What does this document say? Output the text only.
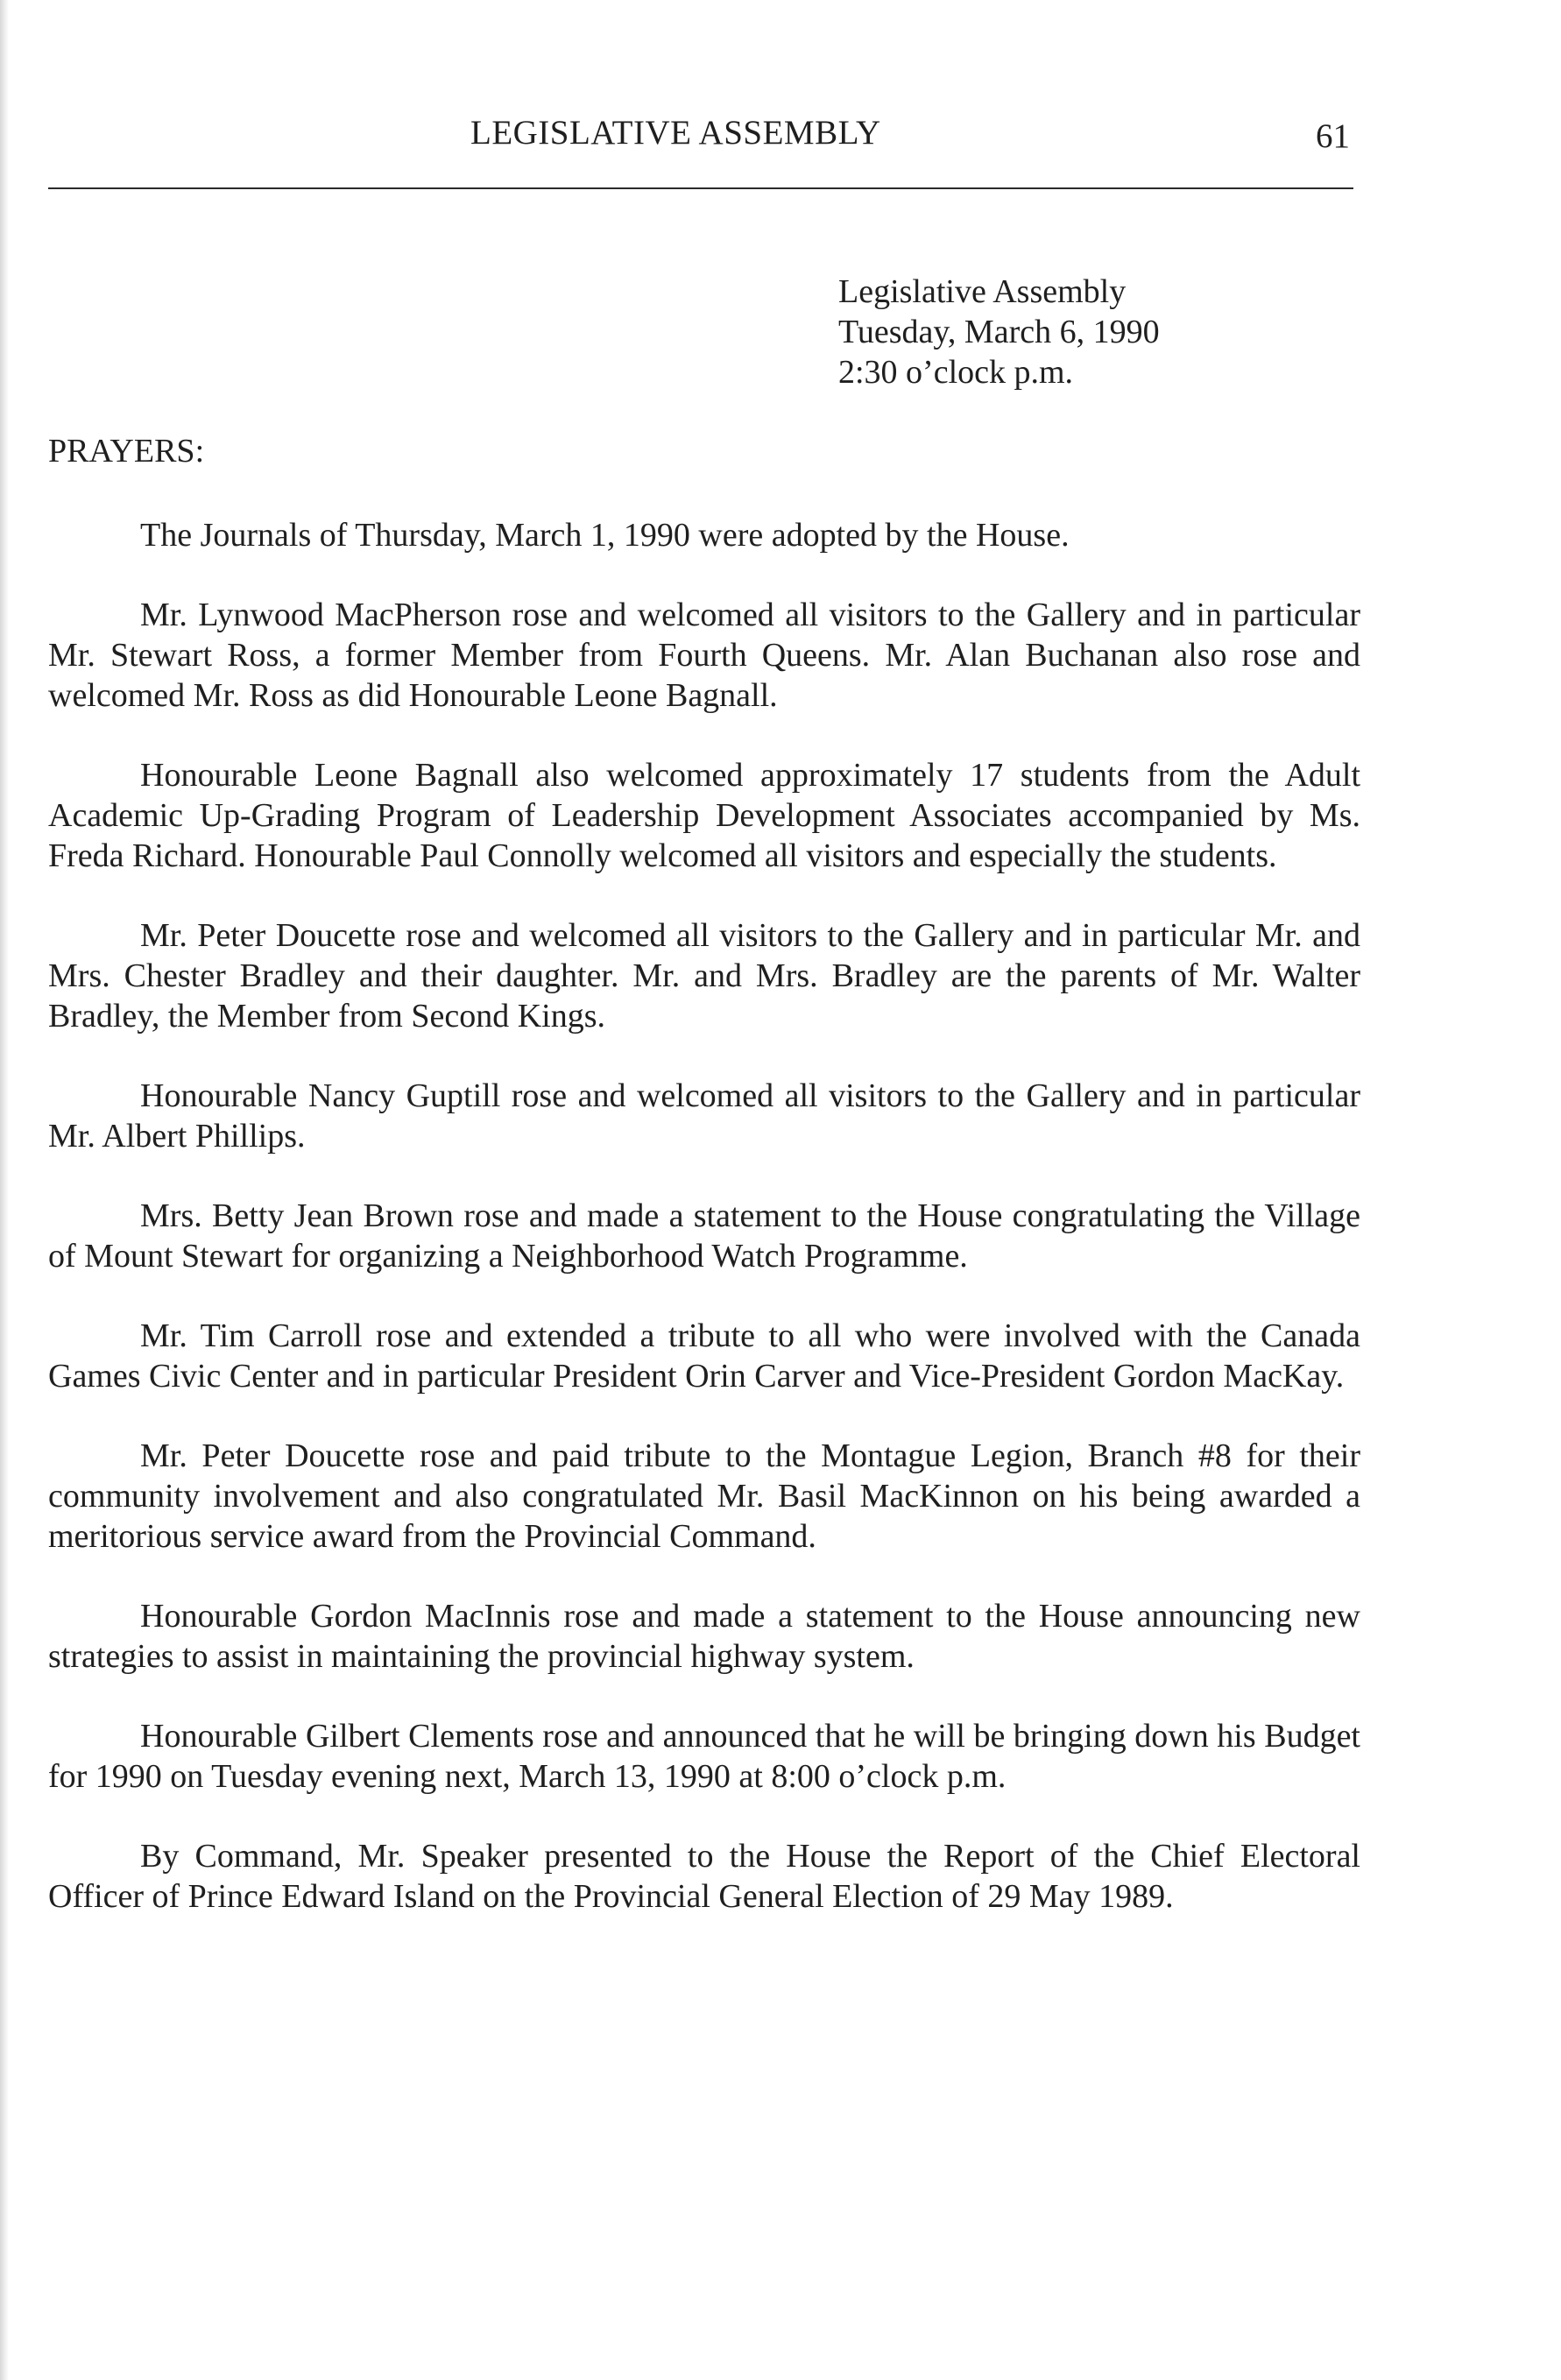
LEGISLATIVE ASSEMBLY	61
Legislative Assembly
Tuesday, March 6, 1990
2:30 o’clock p.m.
PRAYERS:

The Journals of Thursday, March 1, 1990 were adopted by the House.

Mr. Lynwood MacPherson rose and welcomed all visitors to the Gallery and in particular Mr. Stewart Ross, a former Member from Fourth Queens. Mr. Alan Buchanan also rose and welcomed Mr. Ross as did Honourable Leone Bagnall.

Honourable Leone Bagnall also welcomed approximately 17 students from the Adult Academic Up-Grading Program of Leadership Development Associates accompanied by Ms. Freda Richard. Honourable Paul Connolly welcomed all visitors and especially the students.

Mr. Peter Doucette rose and welcomed all visitors to the Gallery and in particular Mr. and Mrs. Chester Bradley and their daughter. Mr. and Mrs. Bradley are the parents of Mr. Walter Bradley, the Member from Second Kings.

Honourable Nancy Guptill rose and welcomed all visitors to the Gallery and in particular Mr. Albert Phillips.

Mrs. Betty Jean Brown rose and made a statement to the House congratulating the Village of Mount Stewart for organizing a Neighborhood Watch Programme.

Mr. Tim Carroll rose and extended a tribute to all who were involved with the Canada Games Civic Center and in particular President Orin Carver and Vice-President Gordon MacKay.

Mr. Peter Doucette rose and paid tribute to the Montague Legion, Branch #8 for their community involvement and also congratulated Mr. Basil MacKinnon on his being awarded a meritorious service award from the Provincial Command.

Honourable Gordon MacInnis rose and made a statement to the House announcing new strategies to assist in maintaining the provincial highway system.

Honourable Gilbert Clements rose and announced that he will be bringing down his Budget for 1990 on Tuesday evening next, March 13, 1990 at 8:00 o’clock p.m.

By Command, Mr. Speaker presented to the House the Report of the Chief Electoral Officer of Prince Edward Island on the Provincial General Election of 29 May 1989.
